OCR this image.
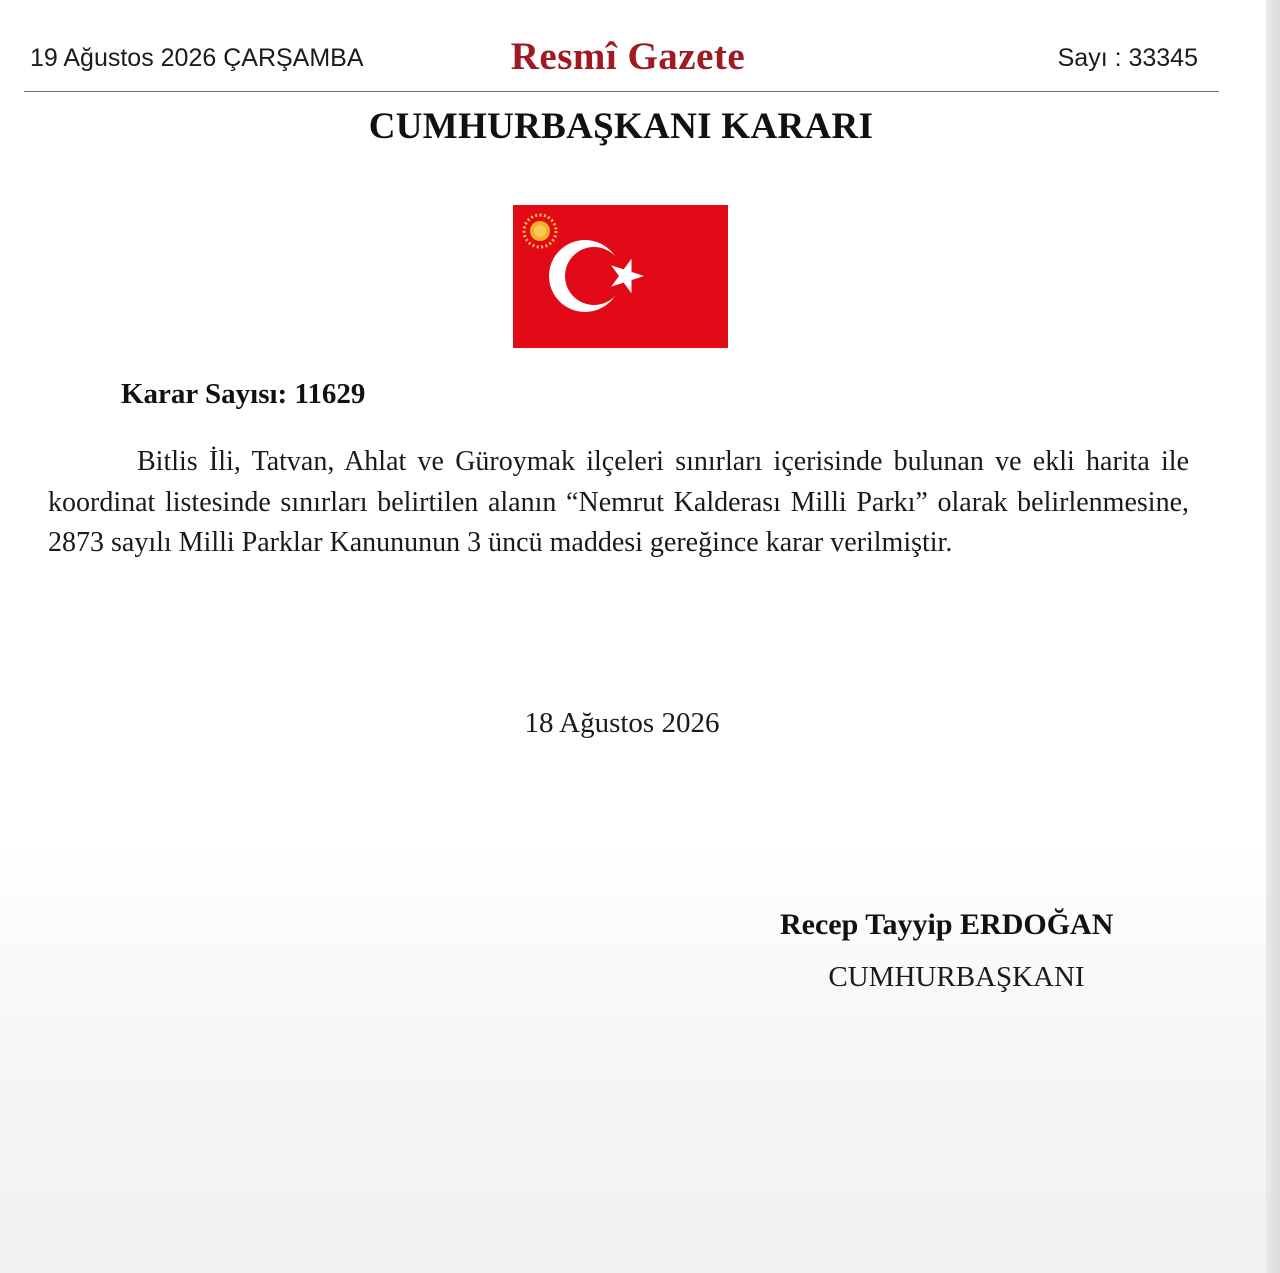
19 Ağustos 2026 ÇARŞAMBA	Resmî Gazete	Sayı : 33345
CUMHURBAŞKANI KARARI
Karar Sayısı: 11629

Bitlis İli, Tatvan, Ahlat ve Güroymak ilçeleri sınırları içerisinde bulunan ve ekli harita ile koordinat listesinde sınırları belirtilen alanın “Nemrut Kalderası Milli Parkı” olarak belirlenmesine, 2873 sayılı Milli Parklar Kanununun 3 üncü maddesi gereğince karar verilmiştir.

18 Ağustos 2026
Recep Tayyip ERDOĞAN
CUMHURBAŞKANI
